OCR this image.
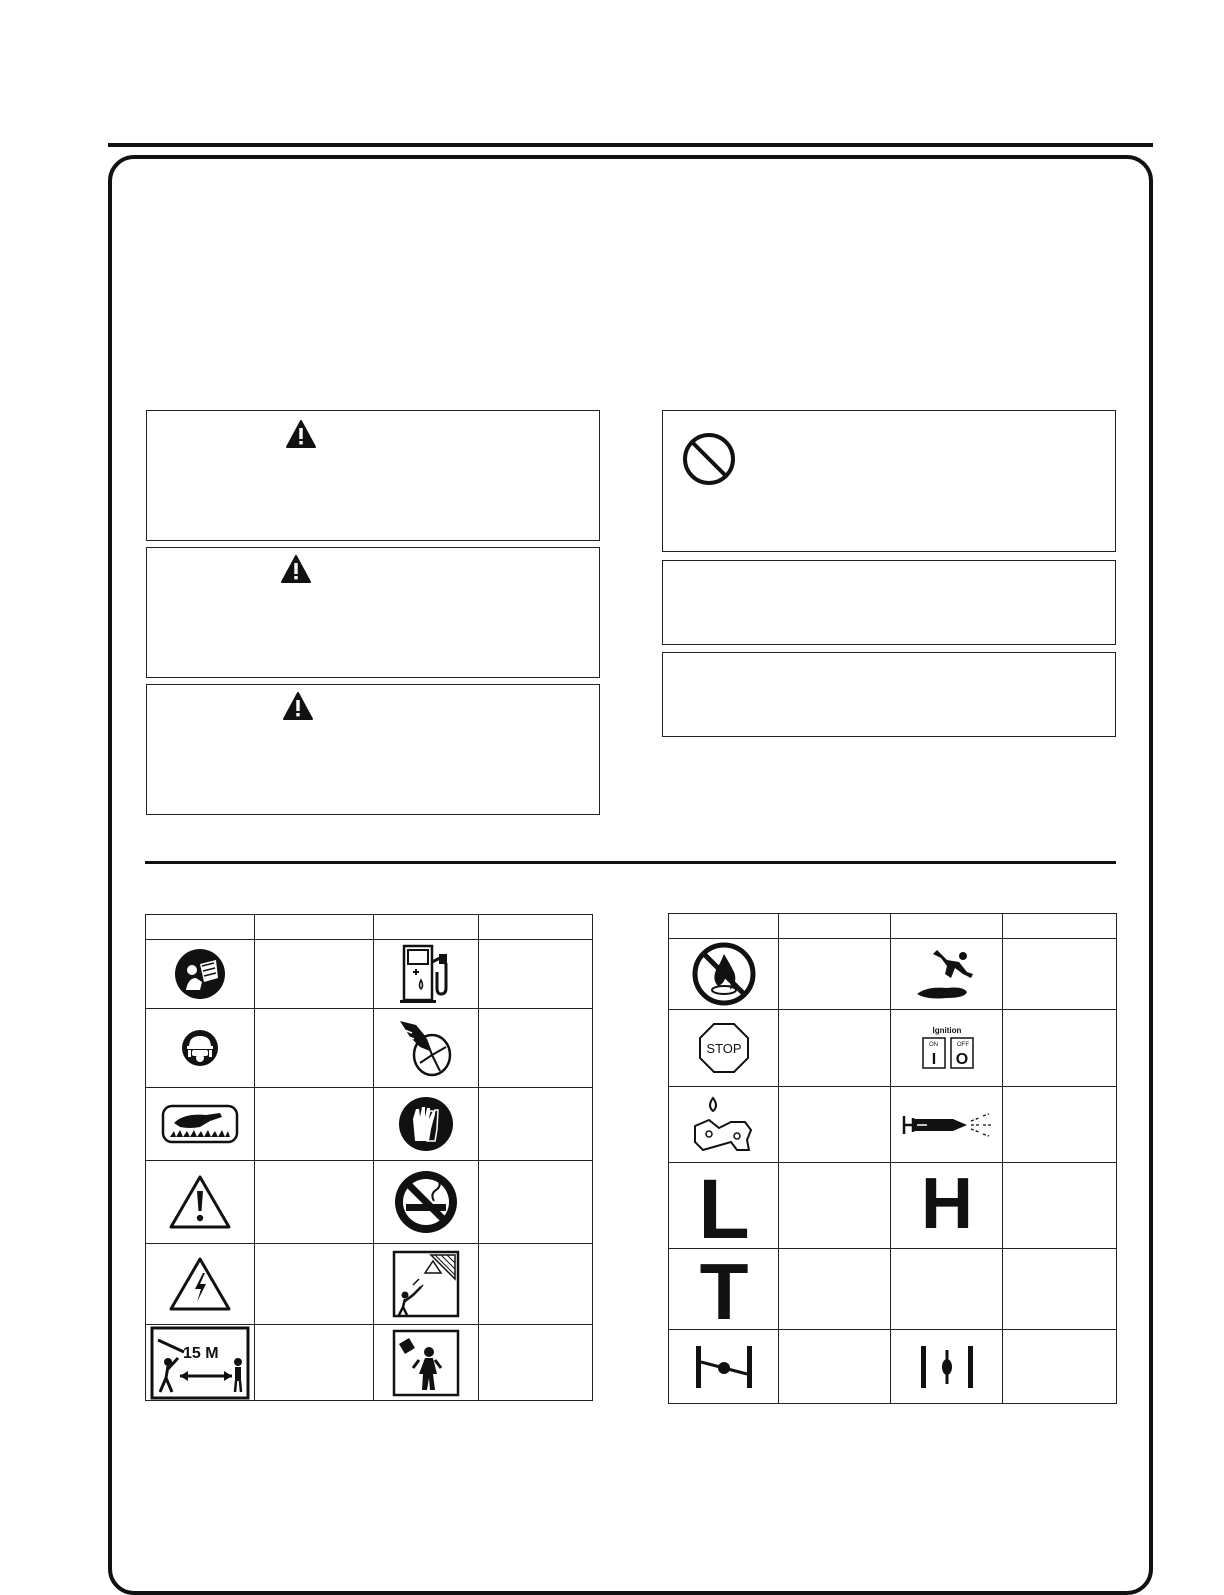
15 M

STOP		Ignition
ON OFF
I O	

L		H	

T			
